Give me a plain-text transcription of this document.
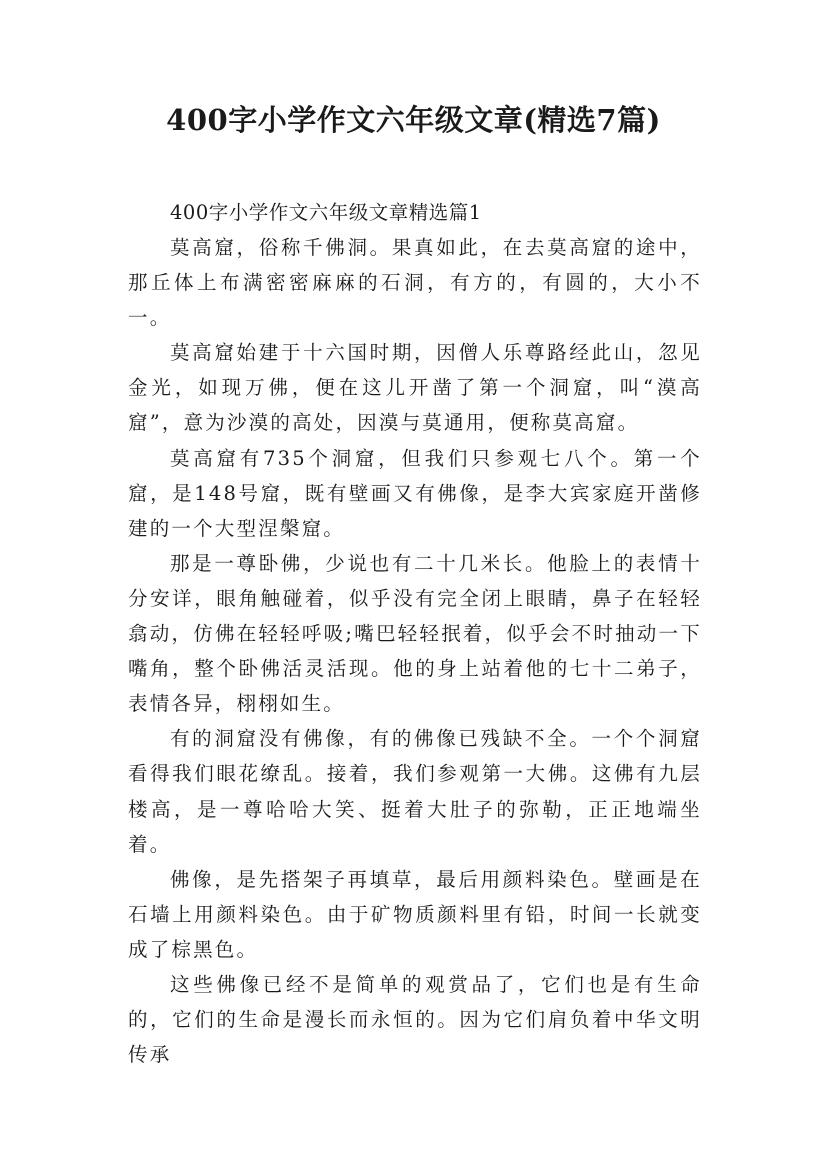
400字小学作文六年级文章(精选7篇)

400字小学作文六年级文章精选篇1

莫高窟，俗称千佛洞。果真如此，在去莫高窟的途中，那丘体上布满密密麻麻的石洞，有方的，有圆的，大小不一。

莫高窟始建于十六国时期，因僧人乐尊路经此山，忽见金光，如现万佛，便在这儿开凿了第一个洞窟，叫“漠高窟”，意为沙漠的高处，因漠与莫通用，便称莫高窟。

莫高窟有735个洞窟，但我们只参观七八个。第一个窟，是148号窟，既有壁画又有佛像，是李大宾家庭开凿修建的一个大型涅槃窟。

那是一尊卧佛，少说也有二十几米长。他脸上的表情十分安详，眼角触碰着，似乎没有完全闭上眼睛，鼻子在轻轻翕动，仿佛在轻轻呼吸;嘴巴轻轻抿着，似乎会不时抽动一下嘴角，整个卧佛活灵活现。他的身上站着他的七十二弟子，表情各异，栩栩如生。

有的洞窟没有佛像，有的佛像已残缺不全。一个个洞窟看得我们眼花缭乱。接着，我们参观第一大佛。这佛有九层楼高，是一尊哈哈大笑、挺着大肚子的弥勒，正正地端坐着。

佛像，是先搭架子再填草，最后用颜料染色。壁画是在石墙上用颜料染色。由于矿物质颜料里有铅，时间一长就变成了棕黑色。

这些佛像已经不是简单的观赏品了，它们也是有生命的，它们的生命是漫长而永恒的。因为它们肩负着中华文明传承
